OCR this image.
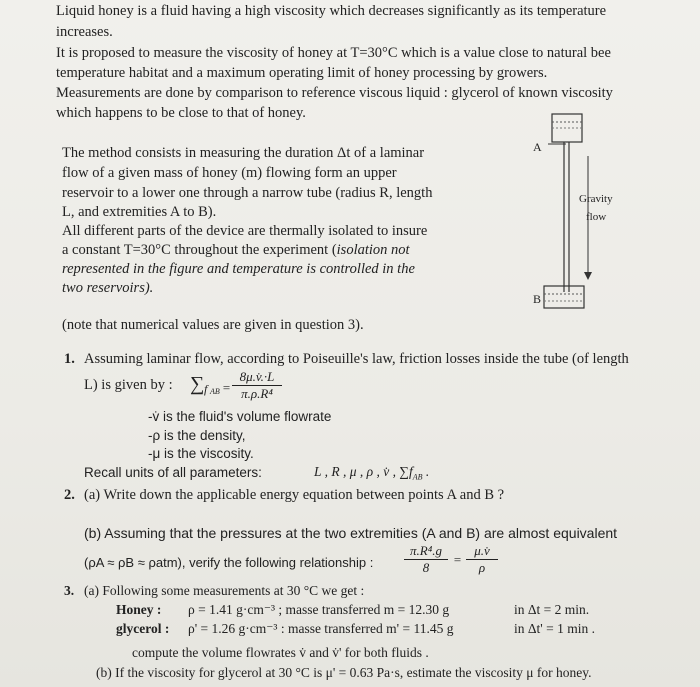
Liquid honey is a fluid having a high viscosity which decreases significantly as its temperature
increases.
It is proposed to measure the viscosity of honey at T=30°C which is a value close to natural bee
temperature habitat and a maximum operating limit of honey processing by growers.
Measurements are done by comparison to reference viscous liquid : glycerol of known viscosity
which happens to be close to that of honey.
The method consists in measuring the duration Δt of a laminar
flow of a given mass of honey (m) flowing form an upper
reservoir to a lower one through a narrow tube (radius R, length
L, and extremities A to B).
All different parts of the device are thermally isolated to insure
a constant T=30°C throughout the experiment (isolation not
represented in the figure and temperature is controlled in the
two reservoirs).
(note that numerical values are given in question 3).
A
B
Gravity
flow
1. Assuming laminar flow, according to Poiseuille's law, friction losses inside the tube (of length
L) is given by : ∑ f AB =
8μ.v̇.·L
π.ρ.R⁴
-v̇ is the fluid's volume flowrate
-ρ is the density,
-μ is the viscosity.
Recall units of all parameters:	L , R , μ , ρ , v̇ , $\sum f_{AB}$ .
2. (a) Write down the applicable energy equation between points A and B ?
(b) Assuming that the pressures at the two extremities (A and B) are almost equivalent
(ρA ≈ ρB ≈ ρatm), verify the following relationship :
π.R⁴.g
8
=
μ.v̇
ρ
3. (a) Following some measurements at 30 °C we get :
Honey : ρ = 1.41 g·cm⁻³ ; masse transferred m = 12.30 g	in Δt = 2 min.
glycerol : ρ' = 1.26 g·cm⁻³ : masse transferred m' = 11.45 g	in Δt' = 1 min .
compute the volume flowrates v̇ and v̇' for both fluids .
(b) If the viscosity for glycerol at 30 °C is μ' = 0.63 Pa·s, estimate the viscosity μ for honey.
